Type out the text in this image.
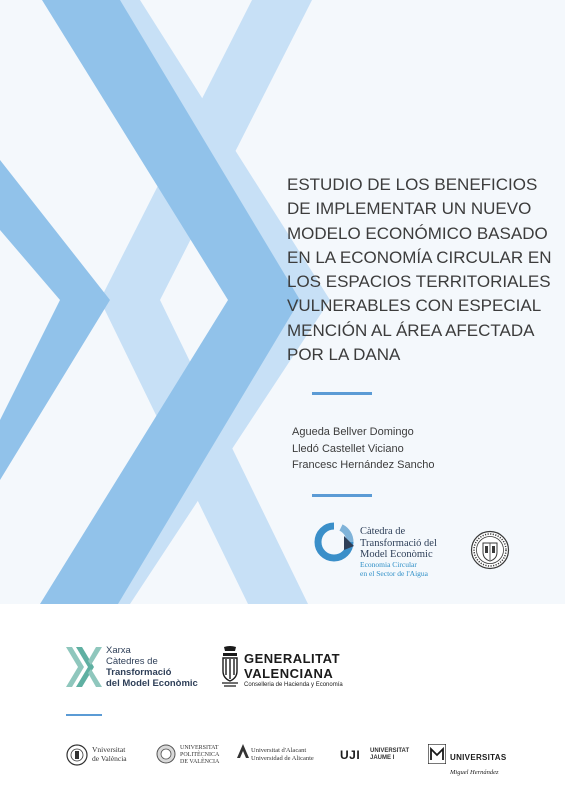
ESTUDIO DE LOS BENEFICIOS DE IMPLEMENTAR UN NUEVO MODELO ECONÓMICO BASADO EN LA ECONOMÍA CIRCULAR EN LOS ESPACIOS TERRITORIALES VULNERABLES CON ESPECIAL MENCIÓN AL ÁREA AFECTADA POR LA DANA
Agueda Bellver Domingo
Lledó Castellet Viciano
Francesc Hernández Sancho
Càtedra de
Transformació del
Model Econòmic
Economia Circular
en el Sector de l'Aigua
Xarxa
Càtedres de
Transformació
del Model Econòmic
GENERALITAT
VALENCIANA
Conselleria de Hacienda y Economía
Vniversitat
de València
UNIVERSITAT
POLITÈCNICA
DE VALÈNCIA
Universitat d'Alacant
Universidad de Alicante UJI UNIVERSITAT
JAUME I	UNIVERSITAS

Miguel Hernández
